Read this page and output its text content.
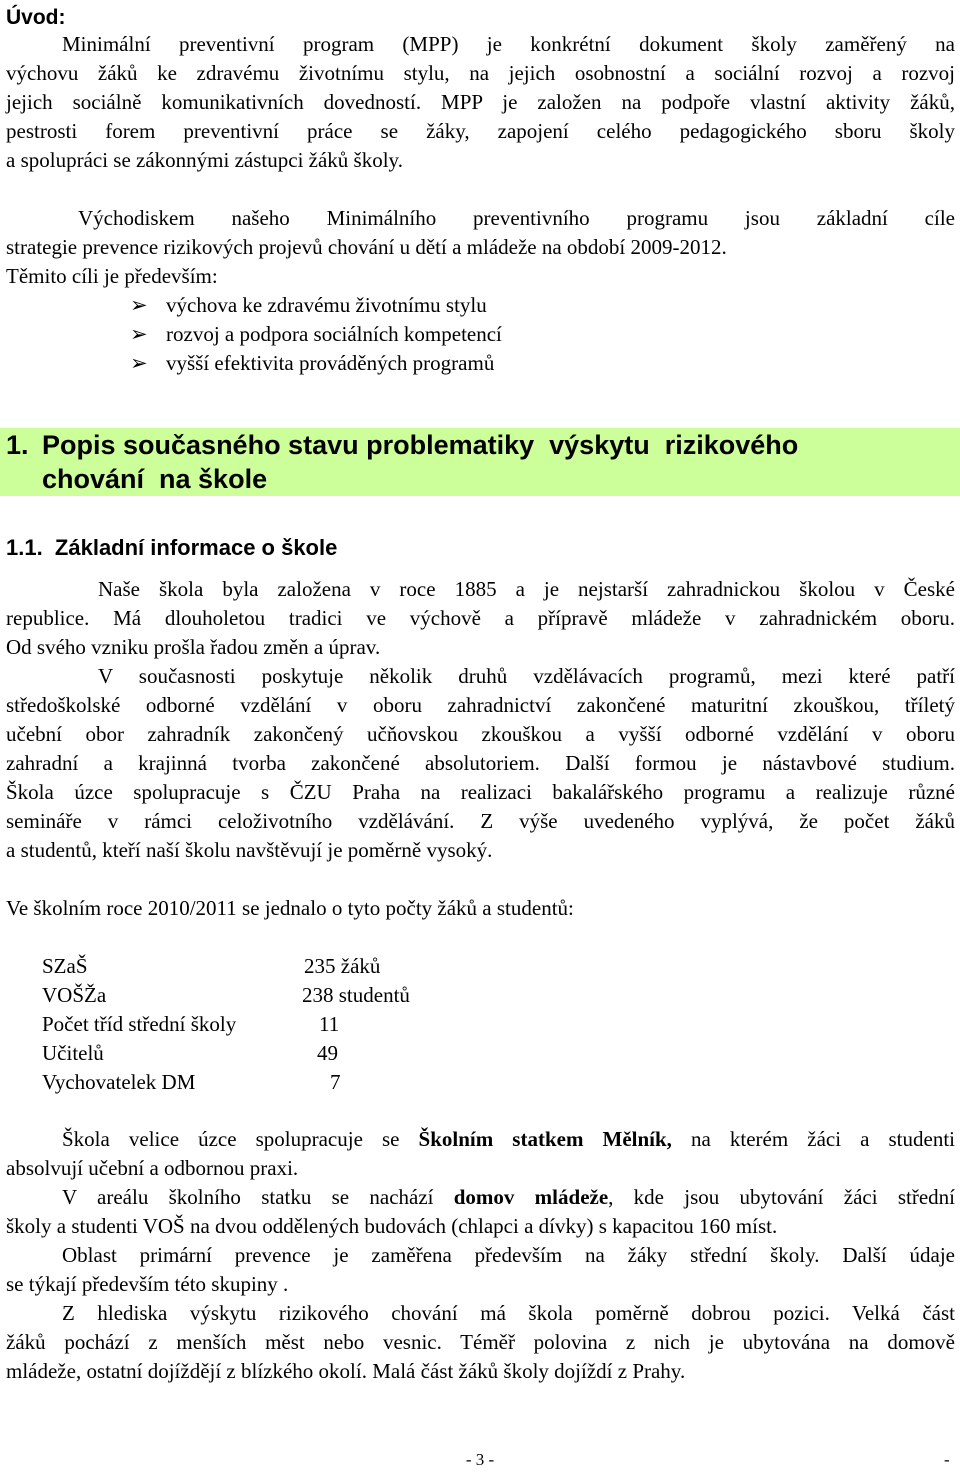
Úvod:
Minimální preventivní program (MPP) je konkrétní dokument školy zaměřený na
výchovu žáků ke zdravému životnímu stylu, na jejich osobnostní a sociální rozvoj a rozvoj
jejich sociálně komunikativních dovedností. MPP je založen na podpoře vlastní aktivity žáků,
pestrosti forem preventivní práce se žáky, zapojení celého pedagogického sboru školy
a spolupráci se zákonnými zástupci žáků školy.
Východiskem našeho Minimálního preventivního programu jsou základní cíle
strategie prevence rizikových projevů chování u dětí a mládeže na období 2009-2012.
Těmito cíli je především:
➢ výchova ke zdravému životnímu stylu
➢ rozvoj a podpora sociálních kompetencí
➢ vyšší efektivita prováděných programů
1. Popis současného stavu problematiky  výskytu  rizikového
chování  na škole
1.1.  Základní informace o škole
Naše škola byla založena v roce 1885 a je nejstarší zahradnickou školou v České
republice. Má dlouholetou tradici ve výchově a přípravě mládeže v zahradnickém oboru.
Od svého vzniku prošla řadou změn a úprav.
V současnosti poskytuje několik druhů vzdělávacích programů, mezi které patří
středoškolské odborné vzdělání v oboru zahradnictví zakončené maturitní zkouškou, tříletý
učební obor zahradník zakončený učňovskou zkouškou a vyšší odborné vzdělání v oboru
zahradní a krajinná tvorba zakončené absolutoriem. Další formou je nástavbové studium.
Škola úzce spolupracuje s ČZU Praha na realizaci bakalářského programu a realizuje různé
semináře v rámci celoživotního vzdělávání. Z výše uvedeného vyplývá, že počet žáků
a studentů, kteří naší školu navštěvují je poměrně vysoký.
Ve školním roce 2010/2011 se jednalo o tyto počty žáků a studentů:
SZaŠ	235 žáků
VOŠŽa	238 studentů
Počet tříd střední školy	11
Učitelů	49
Vychovatelek DM	7
Škola velice úzce spolupracuje se Školním statkem Mělník, na kterém žáci a studenti
absolvují učební a odbornou praxi.
V areálu školního statku se nachází domov mládeže, kde jsou ubytování žáci střední
školy a studenti VOŠ na dvou oddělených budovách (chlapci a dívky) s kapacitou 160 míst.
Oblast primární prevence je zaměřena především na žáky střední školy. Další údaje
se týkají především této skupiny .
Z hlediska výskytu rizikového chování má škola poměrně dobrou pozici. Velká část
žáků pochází z menších měst nebo vesnic. Téměř polovina z nich je ubytována na domově
mládeže, ostatní dojíždějí z blízkého okolí. Malá část žáků školy dojíždí z Prahy.
- 3 -	-
